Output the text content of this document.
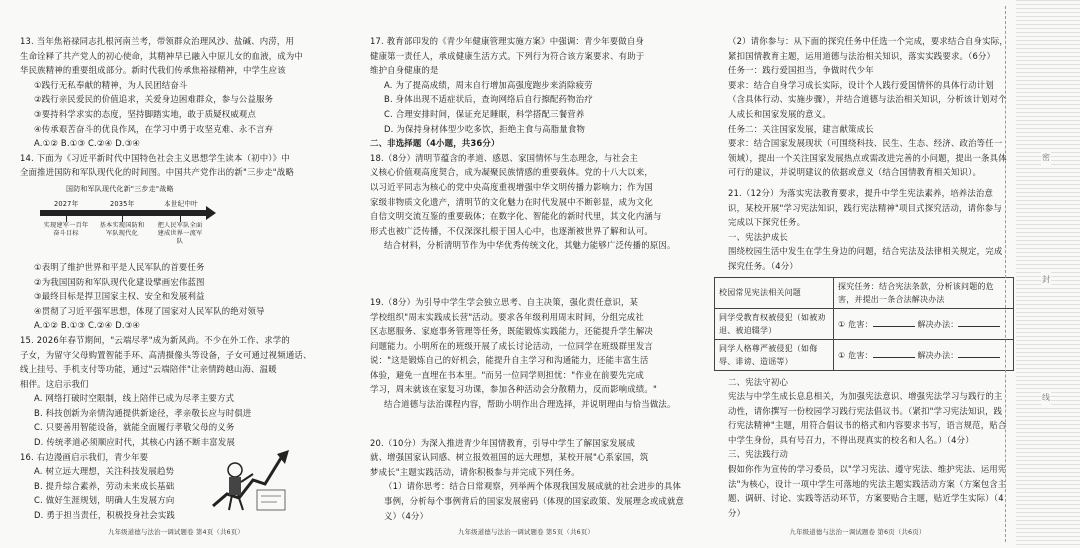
13. 当年焦裕禄同志扎根河南兰考，带领群众治理风沙、盐碱、内涝，用

生命诠释了共产党人的初心使命，其精神早已融入中原儿女的血液，成为中

华民族精神的重要组成部分。新时代我们传承焦裕禄精神，中学生应该

①践行无私奉献的精神，为人民团结奋斗

②践行亲民爱民的价值追求，关爱身边困难群众，参与公益服务

③要持科学求实的态度，坚持脚踏实地，敢于质疑权威观点

④传承艰苦奋斗的优良作风，在学习中勇于攻坚克难、永不言弃

A.①② B.①③ C.②④ D.③④

14. 下面为《习近平新时代中国特色社会主义思想学生读本（初中）》中

全面推进国防和军队现代化的时间图。中国共产党作出的新"三步走"战略

国防和军队现代化新"三步走"战略
2027年	2035年	本世纪中叶
实现建军一百年奋斗目标
基本实现国防和军队现代化
把人民军队全面建成世界一流军队

①表明了维护世界和平是人民军队的首要任务

②为我国国防和军队现代化建设擘画宏伟蓝图

③最终目标是捍卫国家主权、安全和发展利益

④贯彻了习近平强军思想，体现了国家对人民军队的绝对领导

A.①② B.①③ C.②④ D.③④

15. 2026年春节期间，"云端尽孝"成为新风尚。不少在外工作、求学的

子女，为留守父母购置智能手环、高清摄像头等设备，子女可通过视频通话、

线上挂号、手机支付等功能，通过"云端陪伴"让亲情跨越山海、温暖

相伴。这启示我们

A. 网络打破时空限制，线上陪伴已成为尽孝主要方式

B. 科技创新为亲情沟通提供新途径，孝亲敬长应与时俱进

C. 只要善用智能设备，就能全面履行孝敬父母的义务

D. 传统孝道必须顺应时代，其核心内涵不断丰富发展

16. 右边漫画启示我们，青少年要

A. 树立远大理想，关注科技发展趋势

B. 提升综合素养，劳动未来成长基础

C. 做好生涯规划，明确人生发展方向

D. 勇于担当责任，积极投身社会实践

九年级道德与法治一调试题卷 第4页（共6页）

17. 教育部印发的《青少年健康管理实施方案》中强调：青少年要做自身

健康第一责任人，承成健康生活方式。下列行为符合该方案要求、有助于

维护自身健康的是

A. 为了提高成绩，周末自行增加高强度跑步来消除疲劳

B. 身体出现不适症状后，查询网络后自行擦配药物治疗

C. 合理安排时间，保证充足睡眠，科学搭配三餐营养

D. 为保持身材体型少吃多饮，拒绝主食与高脂量食物

二、非选择题（4小题，共36分）

18.（8分）清明节蕴含的孝道、感恩、家国情怀与生态理念，与社会主

义核心价值观高度契合，成为凝聚民族情感的重要载体。党的十八大以来，

以习近平同志为核心的党中央高度重视增强中华文明传播力影响力；作为国

家级非物质文化遗产，清明节的文化魅力在时代发展中不断彰显，成为文化

自信文明交流互鉴的重要载体；在数字化、智能化的新时代里，其文化内涵与

形式也被广泛传播，不仅深深扎根于国人心中，也逐渐被世界了解和认可。

结合材料，分析清明节作为中华优秀传统文化，其魅力能够广泛传播的原因。

19.（8分）为引导中学生学会独立思考、自主决策，强化责任意识，某

学校组织"周末实践成长营"活动。要求各年级利用周末时间，分组完成社

区志愿服务、家庭事务管理等任务，既能锻炼实践能力，还能提升学生解决

问题能力。小明所在的班级开展了成长讨论活动，一位同学在班级群里发言

说："这是锻炼自己的好机会，能提升自主学习和沟通能力，还能丰富生活

体验，避免一直埋在书本里。"而另一位同学则担忧："作业在前要先完成

学习，周末就该在家复习功课，参加各种活动会分散精力，反而影响成绩。"

结合道德与法治课程内容，帮助小明作出合理选择，并说明理由与恰当做法。

20.（10分）为深入推进青少年国情教育，引导中学生了解国家发展成

就、增强国家认同感、树立报效祖国的远大理想，某校开展"心系家国，筑

梦成长"主题实践活动，请你积极参与并完成下列任务。

（1）请你思考：结合日常观察，列举两个体现我国发展成就的社会进步的具体事例，分析每个事例背后的国家发展密码（体现的国家政策、发展理念或成就意义）（4分）

九年级道德与法治一调试题卷 第5页（共6页）

（2）请你参与：从下面的探究任务中任选一个完成，要求结合自身实际，紧扣国情教育主题，运用道德与法治相关知识，落实实践要求。（6分）

任务一：践行爱国担当，争做时代少年

要求：结合自身学习成长实际，设计个人践行爱国情怀的具体行动计划（含具体行动、实施步骤），并结合道德与法治相关知识，分析该计划对个人成长和国家发展的意义。

任务二：关注国家发展，建言献策成长

要求：结合国家发展现状（可围绕科技、民生、生态、经济、政治等任一领域），提出一个关注国家发展热点或需改进完善的小问题，提出一条具体可行的建议，并说明建议的依据或意义（结合国情教育相关知识）。

21.（12分）为落实宪法教育要求，提升中学生宪法素养，培养法治意识，某校开展"学习宪法知识，践行宪法精神"项目式探究活动，请你参与完成以下探究任务。

一、宪法护成长

围绕校园生活中发生在学生身边的问题，结合宪法及法律相关规定，完成探究任务。（4分）

校园常见宪法相关问题	探究任务：结合宪法条款，分析该问题的危害，并提出一条合法解决办法
同学受教育权被侵犯（如被劝退、被迫辍学）	① 危害： 解决办法：
同学人格尊严被侵犯（如侮辱、诽谤、造谣等）	① 危害： 解决办法：

二、宪法守初心

宪法与中学生成长息息相关，为加强宪法意识、增强宪法学习与践行的主动性，请你撰写一份校园学习践行宪法倡议书。（紧扣"学习宪法知识，践行宪法精神"主题，用符合倡议书的格式和内容要求书写，语言规范，贴合中学生身份，具有号召力，不得出现真实的校名和人名。）（4分）

三、宪法践行动

假如你作为宣传的学习委员，以"学习宪法、遵守宪法、维护宪法、运用宪法"为核心，设计一项中学生可落地的宪法主题实践活动方案（方案包含主题、调研、讨论、实践等活动环节，方案要贴合主题，贴近学生实际）（4分）

九年级道德与法治一调试题卷 第6页（共6页）
密
封
线
